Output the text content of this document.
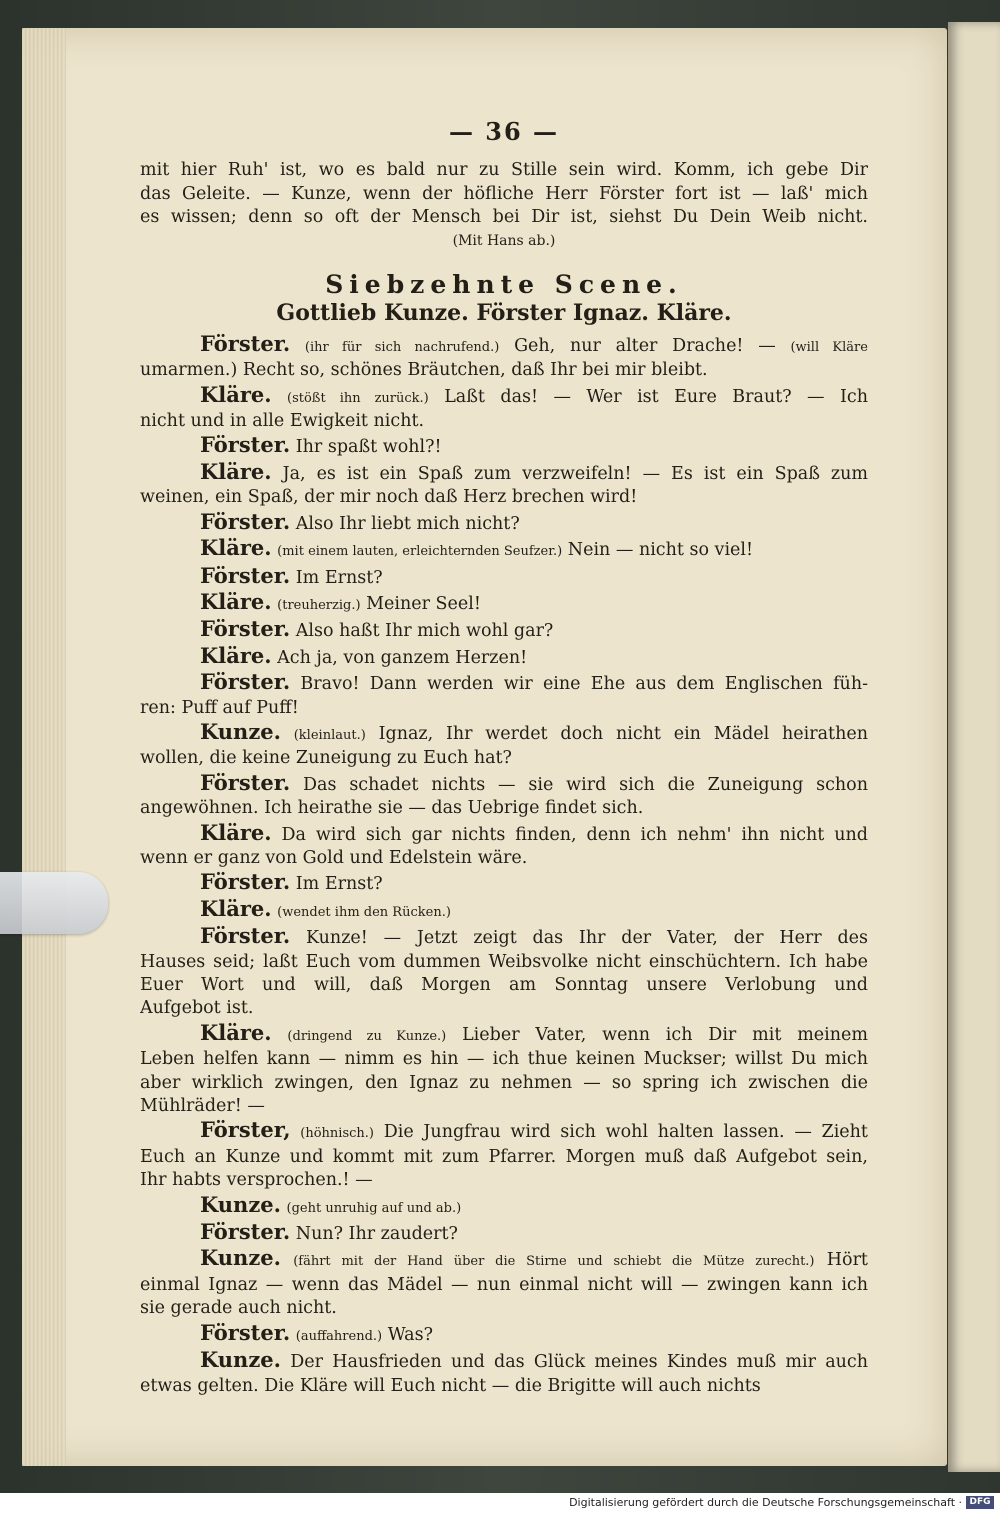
— 36 —
mit hier Ruh' ist, wo es bald nur zu Stille sein wird. Komm, ich gebe Dir
das Geleite. — Kunze, wenn der höfliche Herr Förster fort ist — laß' mich
es wissen; denn so oft der Mensch bei Dir ist, siehst Du Dein Weib nicht.
(Mit Hans ab.)
Siebzehnte Scene.
Gottlieb Kunze. Förster Ignaz. Kläre.
Förster. (ihr für sich nachrufend.) Geh, nur alter Drache! — (will Kläre
umarmen.) Recht so, schönes Bräutchen, daß Ihr bei mir bleibt.
Kläre. (stößt ihn zurück.) Laßt das! — Wer ist Eure Braut? — Ich
nicht und in alle Ewigkeit nicht.
Förster. Ihr spaßt wohl?!
Kläre. Ja, es ist ein Spaß zum verzweifeln! — Es ist ein Spaß zum
weinen, ein Spaß, der mir noch daß Herz brechen wird!
Förster. Also Ihr liebt mich nicht?
Kläre. (mit einem lauten, erleichternden Seufzer.) Nein — nicht so viel!
Förster. Im Ernst?
Kläre. (treuherzig.) Meiner Seel!
Förster. Also haßt Ihr mich wohl gar?
Kläre. Ach ja, von ganzem Herzen!
Förster. Bravo! Dann werden wir eine Ehe aus dem Englischen füh-
ren: Puff auf Puff!
Kunze. (kleinlaut.) Ignaz, Ihr werdet doch nicht ein Mädel heirathen
wollen, die keine Zuneigung zu Euch hat?
Förster. Das schadet nichts — sie wird sich die Zuneigung schon
angewöhnen. Ich heirathe sie — das Uebrige findet sich.
Kläre. Da wird sich gar nichts finden, denn ich nehm' ihn nicht und
wenn er ganz von Gold und Edelstein wäre.
Förster. Im Ernst?
Kläre. (wendet ihm den Rücken.)
Förster. Kunze! — Jetzt zeigt das Ihr der Vater, der Herr des
Hauses seid; laßt Euch vom dummen Weibsvolke nicht einschüchtern. Ich habe
Euer Wort und will, daß Morgen am Sonntag unsere Verlobung und
Aufgebot ist.
Kläre. (dringend zu Kunze.) Lieber Vater, wenn ich Dir mit meinem
Leben helfen kann — nimm es hin — ich thue keinen Muckser; willst Du mich
aber wirklich zwingen, den Ignaz zu nehmen — so spring ich zwischen die
Mühlräder! —
Förster, (höhnisch.) Die Jungfrau wird sich wohl halten lassen. — Zieht
Euch an Kunze und kommt mit zum Pfarrer. Morgen muß daß Aufgebot sein,
Ihr habts versprochen.! —
Kunze. (geht unruhig auf und ab.)
Förster. Nun? Ihr zaudert?
Kunze. (fährt mit der Hand über die Stirne und schiebt die Mütze zurecht.) Hört
einmal Ignaz — wenn das Mädel — nun einmal nicht will — zwingen kann ich
sie gerade auch nicht.
Förster. (auffahrend.) Was?
Kunze. Der Hausfrieden und das Glück meines Kindes muß mir auch
etwas gelten. Die Kläre will Euch nicht — die Brigitte will auch nichts
Digitalisierung gefördert durch die Deutsche Forschungsgemeinschaft · DFG
